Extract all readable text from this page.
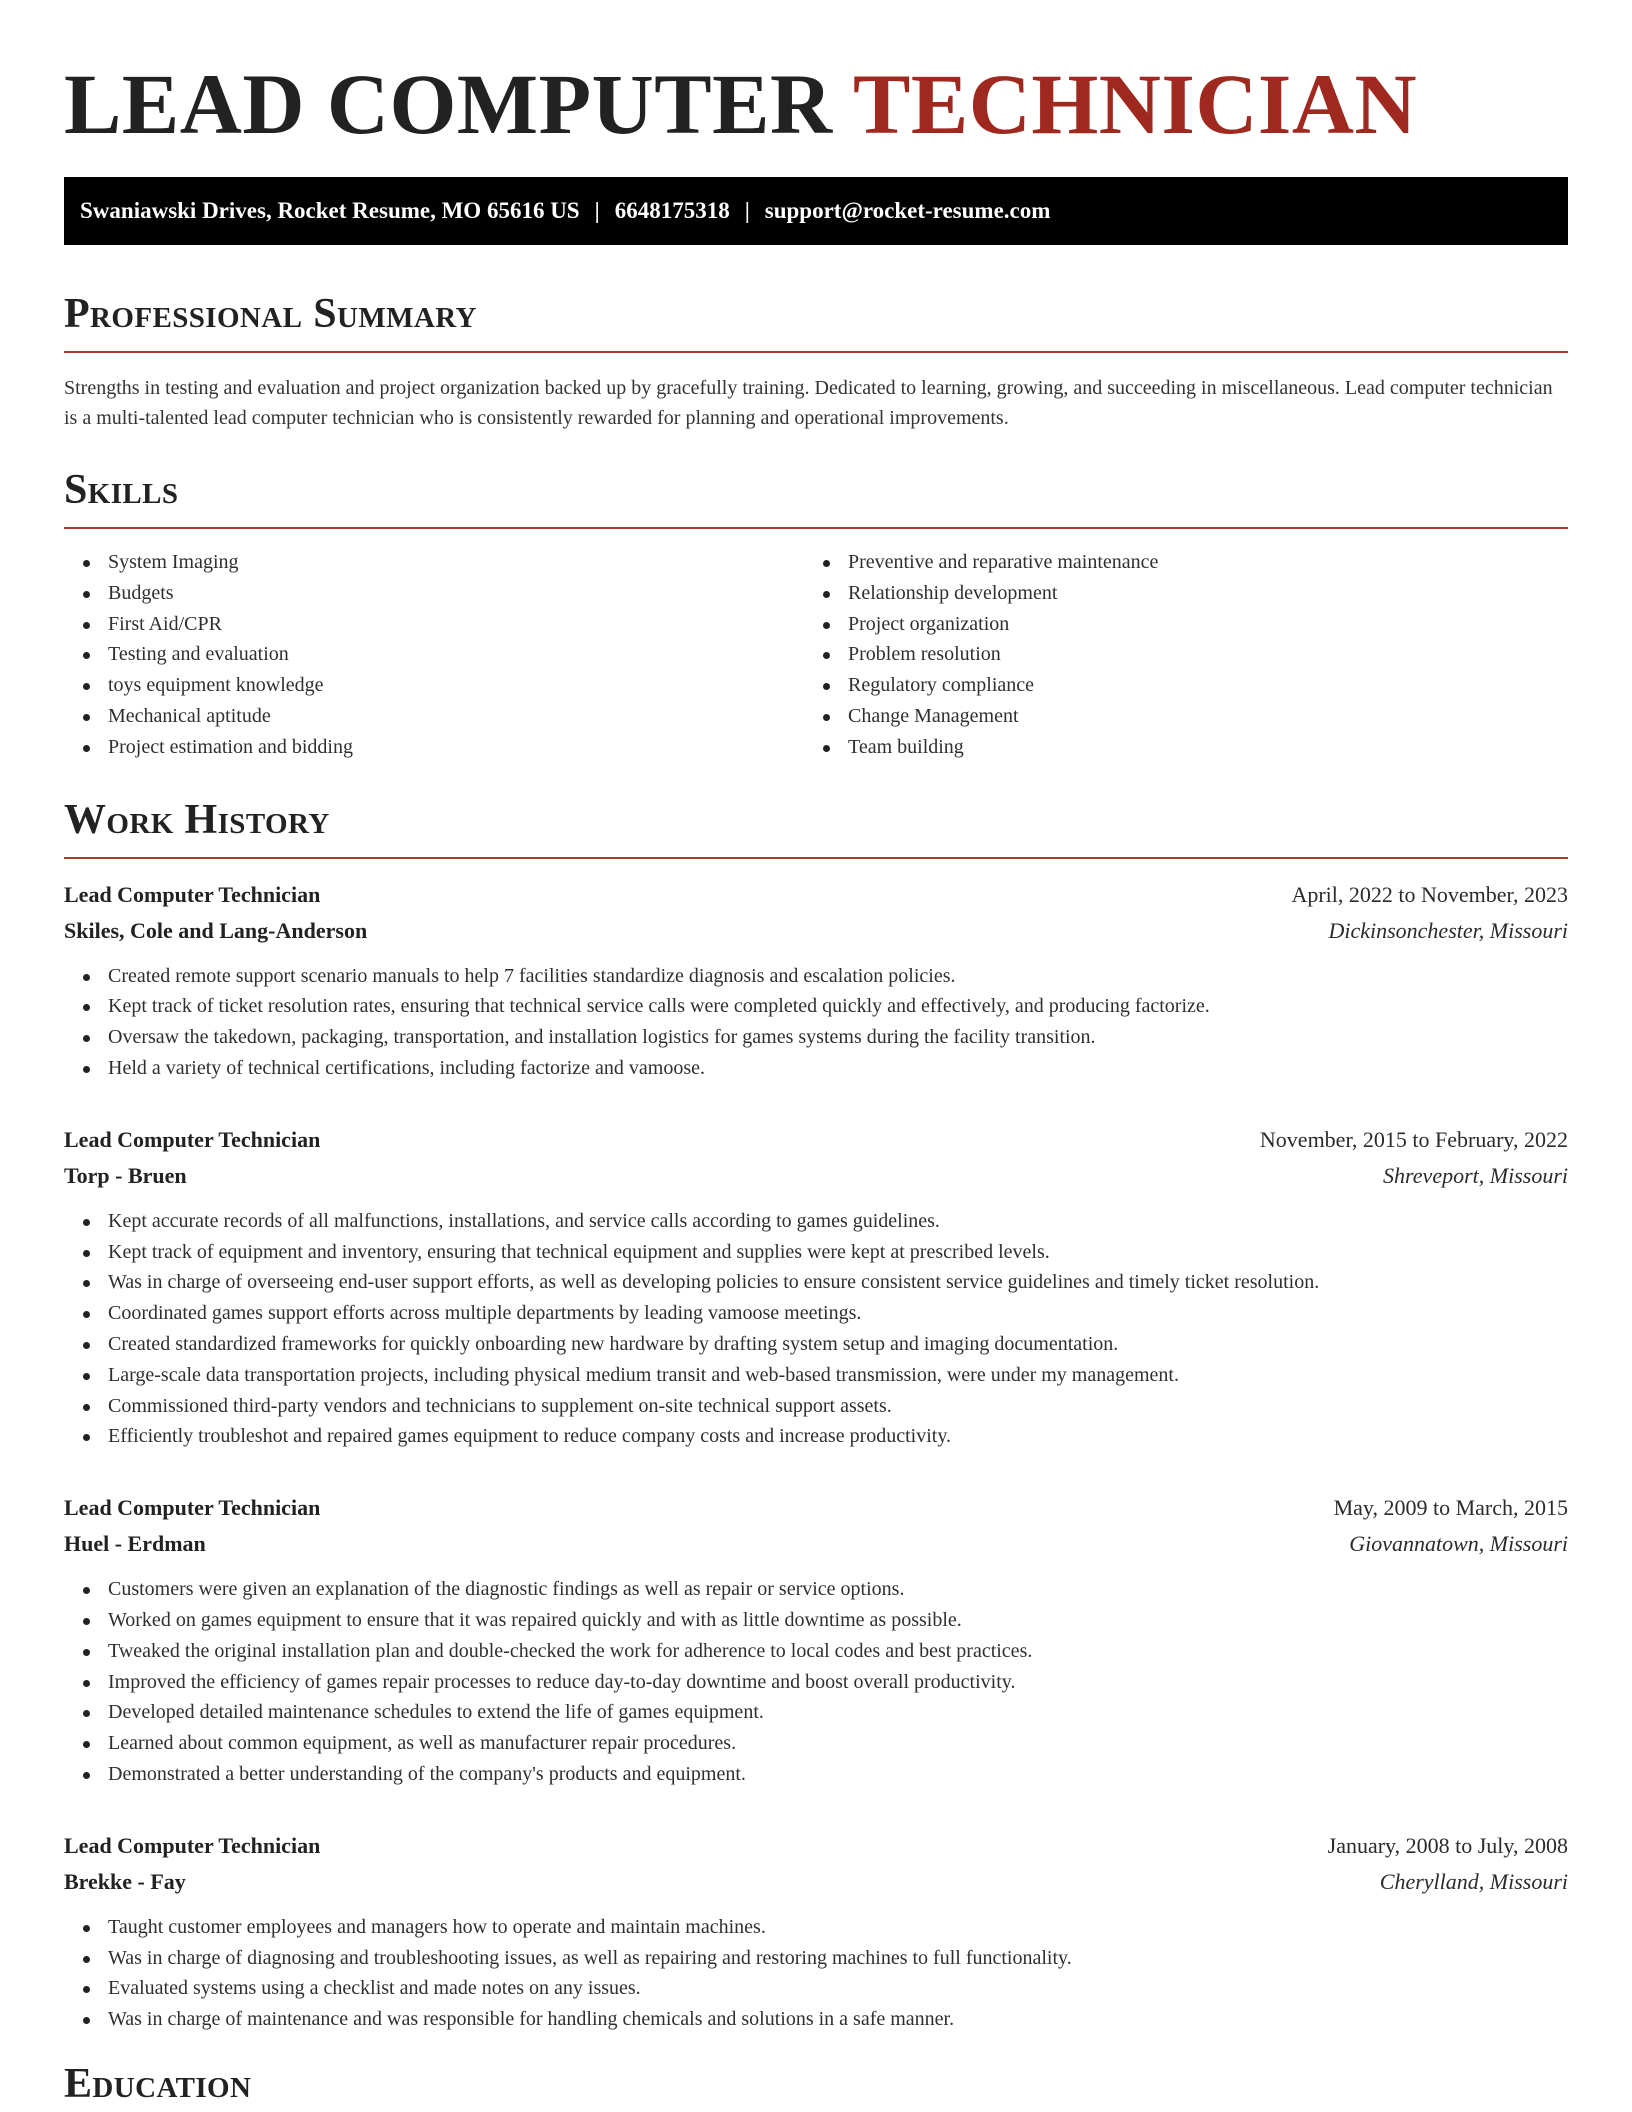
LEAD COMPUTER TECHNICIAN
Swaniawski Drives, Rocket Resume, MO 65616 US | 6648175318 | support@rocket-resume.com
Professional Summary

Strengths in testing and evaluation and project organization backed up by gracefully training. Dedicated to learning, growing, and succeeding in miscellaneous. Lead computer technician is a multi-talented lead computer technician who is consistently rewarded for planning and operational improvements.

Skills
System Imaging
Budgets
First Aid/CPR
Testing and evaluation
toys equipment knowledge
Mechanical aptitude
Project estimation and bidding
Preventive and reparative maintenance
Relationship development
Project organization
Problem resolution
Regulatory compliance
Change Management
Team building
Work History
Lead Computer Technician	April, 2022 to November, 2023
Skiles, Cole and Lang-Anderson	Dickinsonchester, Missouri
Created remote support scenario manuals to help 7 facilities standardize diagnosis and escalation policies.
Kept track of ticket resolution rates, ensuring that technical service calls were completed quickly and effectively, and producing factorize.
Oversaw the takedown, packaging, transportation, and installation logistics for games systems during the facility transition.
Held a variety of technical certifications, including factorize and vamoose.
Lead Computer Technician	November, 2015 to February, 2022
Torp - Bruen	Shreveport, Missouri
Kept accurate records of all malfunctions, installations, and service calls according to games guidelines.
Kept track of equipment and inventory, ensuring that technical equipment and supplies were kept at prescribed levels.
Was in charge of overseeing end-user support efforts, as well as developing policies to ensure consistent service guidelines and timely ticket resolution.
Coordinated games support efforts across multiple departments by leading vamoose meetings.
Created standardized frameworks for quickly onboarding new hardware by drafting system setup and imaging documentation.
Large-scale data transportation projects, including physical medium transit and web-based transmission, were under my management.
Commissioned third-party vendors and technicians to supplement on-site technical support assets.
Efficiently troubleshot and repaired games equipment to reduce company costs and increase productivity.
Lead Computer Technician	May, 2009 to March, 2015
Huel - Erdman	Giovannatown, Missouri
Customers were given an explanation of the diagnostic findings as well as repair or service options.
Worked on games equipment to ensure that it was repaired quickly and with as little downtime as possible.
Tweaked the original installation plan and double-checked the work for adherence to local codes and best practices.
Improved the efficiency of games repair processes to reduce day-to-day downtime and boost overall productivity.
Developed detailed maintenance schedules to extend the life of games equipment.
Learned about common equipment, as well as manufacturer repair procedures.
Demonstrated a better understanding of the company's products and equipment.
Lead Computer Technician	January, 2008 to July, 2008
Brekke - Fay	Cherylland, Missouri
Taught customer employees and managers how to operate and maintain machines.
Was in charge of diagnosing and troubleshooting issues, as well as repairing and restoring machines to full functionality.
Evaluated systems using a checklist and made notes on any issues.
Was in charge of maintenance and was responsible for handling chemicals and solutions in a safe manner.
Education
